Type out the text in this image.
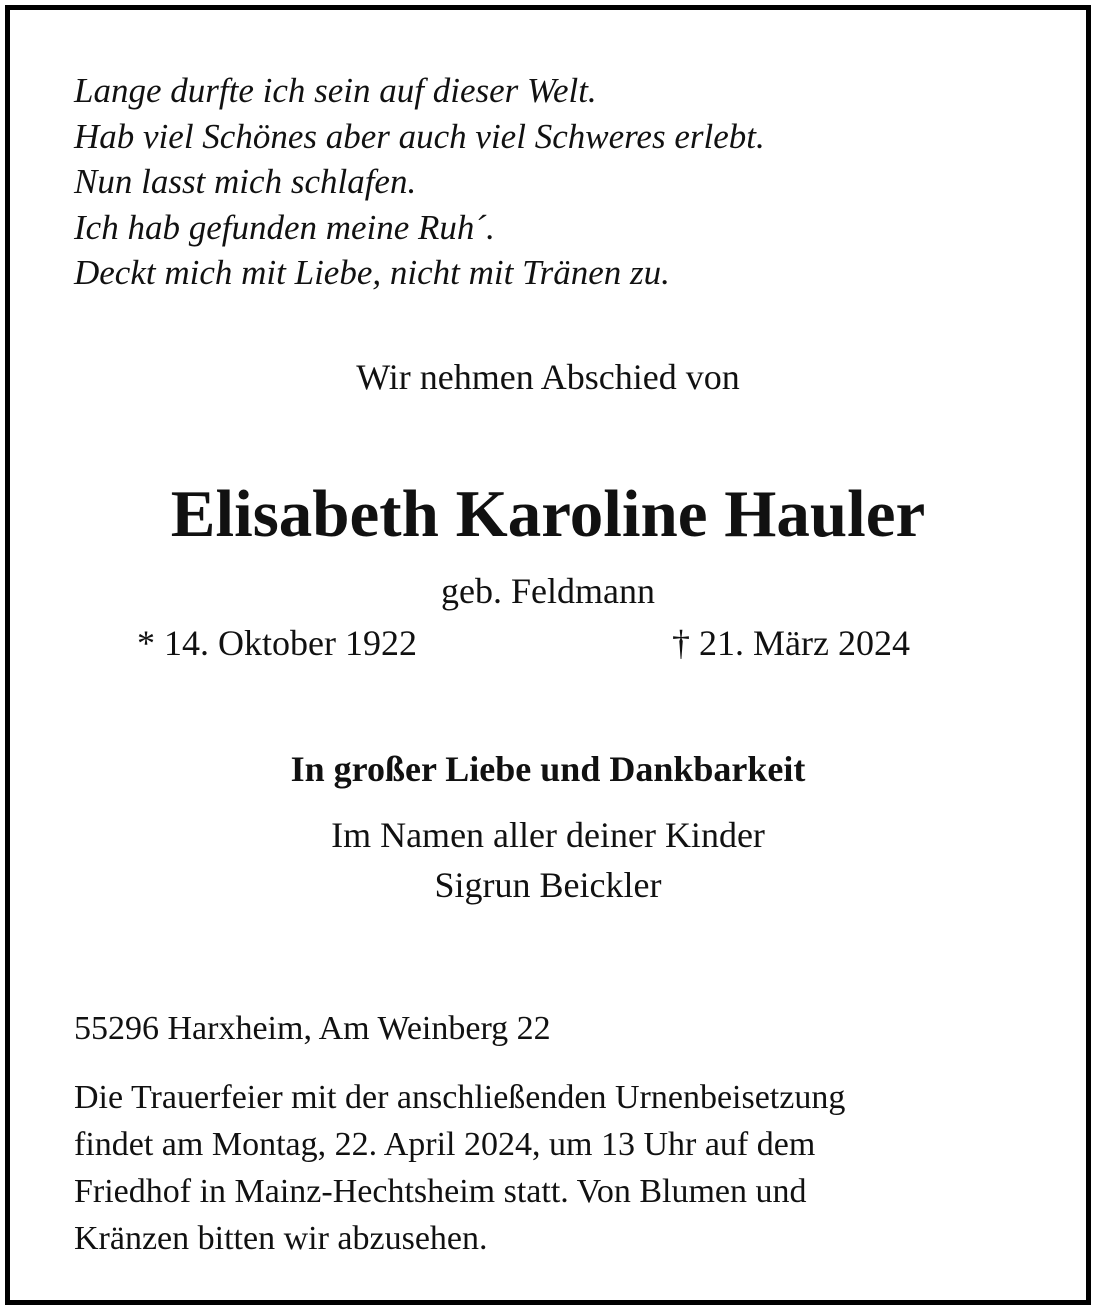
Lange durfte ich sein auf dieser Welt.
Hab viel Schönes aber auch viel Schweres erlebt.
Nun lasst mich schlafen.
Ich hab gefunden meine Ruh´.
Deckt mich mit Liebe, nicht mit Tränen zu.
Wir nehmen Abschied von
Elisabeth Karoline Hauler
geb. Feldmann
* 14. Oktober 1922	† 21. März 2024
In großer Liebe und Dankbarkeit
Im Namen aller deiner Kinder
Sigrun Beickler
55296 Harxheim, Am Weinberg 22
Die Trauerfeier mit der anschließenden Urnenbeisetzung
findet am Montag, 22. April 2024, um 13 Uhr auf dem
Friedhof in Mainz-Hechtsheim statt. Von Blumen und
Kränzen bitten wir abzusehen.
